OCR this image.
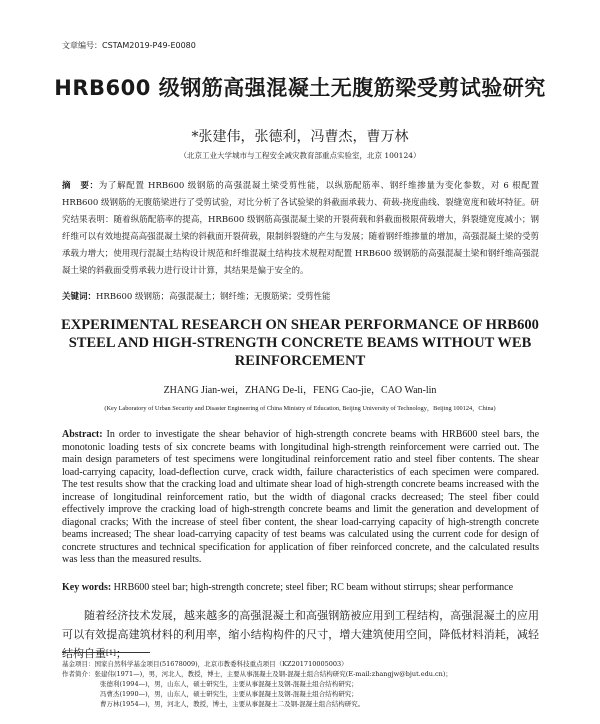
文章编号：CSTAM2019-P49-E0080
HRB600 级钢筋高强混凝土无腹筋梁受剪试验研究
*张建伟，张德利，冯曹杰，曹万林
（北京工业大学城市与工程安全减灾教育部重点实验室，北京 100124）
摘　要：为了解配置 HRB600 级钢筋的高强混凝土梁受剪性能，以纵筋配筋率、钢纤维掺量为变化参数，对 6 根配置 HRB600 级钢筋的无腹筋梁进行了受剪试验，对比分析了各试验梁的斜截面承载力、荷载-挠度曲线、裂缝宽度和破坏特征。研究结果表明：随着纵筋配筋率的提高，HRB600 级钢筋高强混凝土梁的开裂荷载和斜截面极限荷载增大，斜裂缝宽度减小；钢纤维可以有效地提高高强混凝土梁的斜截面开裂荷载，限制斜裂缝的产生与发展；随着钢纤维掺量的增加，高强混凝土梁的受剪承载力增大；使用现行混凝土结构设计规范和纤维混凝土结构技术规程对配置 HRB600 级钢筋的高强混凝土梁和钢纤维高强混凝土梁的斜截面受剪承载力进行设计计算，其结果是偏于安全的。
关键词：HRB600 级钢筋；高强混凝土；钢纤维；无腹筋梁；受剪性能
EXPERIMENTAL RESEARCH ON SHEAR PERFORMANCE OF HRB600 STEEL AND HIGH-STRENGTH CONCRETE BEAMS WITHOUT WEB REINFORCEMENT
ZHANG Jian-wei，ZHANG De-li，FENG Cao-jie，CAO Wan-lin
(Key Laboratory of Urban Security and Disaster Engineering of China Ministry of Education, Beijing University of Technology，Beijing 100124，China)
Abstract: In order to investigate the shear behavior of high-strength concrete beams with HRB600 steel bars, the monotonic loading tests of six concrete beams with longitudinal high-strength reinforcement were carried out. The main design parameters of test specimens were longitudinal reinforcement ratio and steel fiber contents. The shear load-carrying capacity, load-deflection curve, crack width, failure characteristics of each specimen were compared. The test results show that the cracking load and ultimate shear load of high-strength concrete beams increased with the increase of longitudinal reinforcement ratio, but the width of diagonal cracks decreased; The steel fiber could effectively improve the cracking load of high-strength concrete beams and limit the generation and development of diagonal cracks; With the increase of steel fiber content, the shear load-carrying capacity of high-strength concrete beams increased; The shear load-carrying capacity of test beams was calculated using the current code for design of concrete structures and technical specification for application of fiber reinforced concrete, and the calculated results was less than the measured results.
Key words: HRB600 steel bar; high-strength concrete; steel fiber; RC beam without stirrups; shear performance
随着经济技术发展，越来越多的高强混凝土和高强钢筋被应用到工程结构，高强混凝土的应用可以有效提高建筑材料的利用率，缩小结构构件的尺寸，增大建筑使用空间，降低材料消耗，减轻结构自重[1]；
基金项目：国家自然科学基金项目(51678009)，北京市教委科技重点项目（KZ201710005003）
作者简介：张建伟(1971—)，男，河北人，教授，博士，主要从事混凝土及钢-混凝土组合结构研究(E-mail:zhangjw@bjut.edu.cn)；
张德利(1994—)，男，山东人，硕士研究生，主要从事混凝土及钢-混凝土组合结构研究；
冯曹杰(1990—)，男，山东人，硕士研究生，主要从事混凝土及钢-混凝土组合结构研究；
曹万林(1954—)，男，河北人，教授，博士，主要从事混凝土二及钢-混凝土组合结构研究。
